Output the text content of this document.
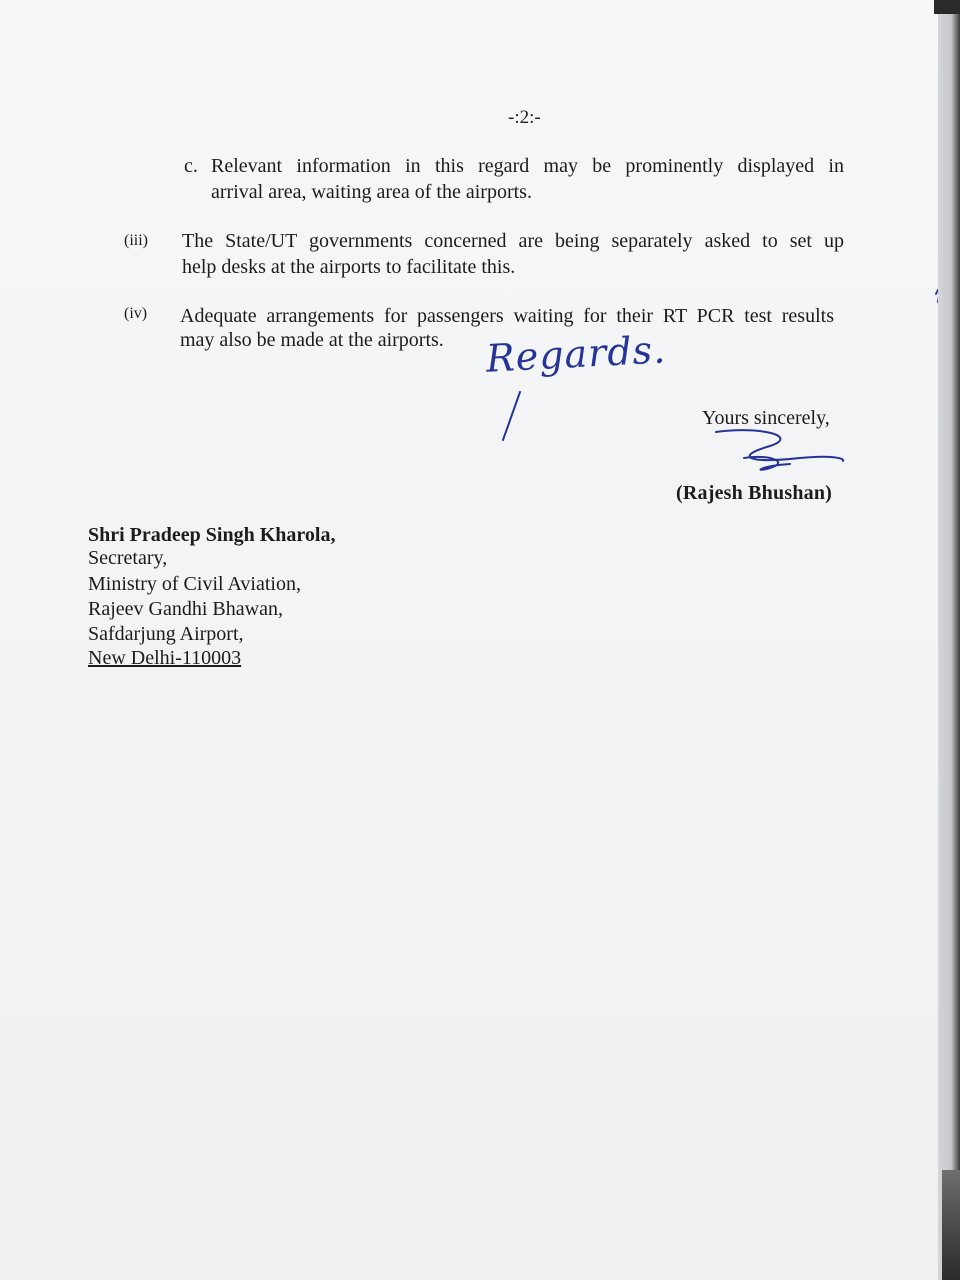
-:2:-
c. Relevant information in this regard may be prominently displayed in
arrival area, waiting area of the airports.
(iii) The State/UT governments concerned are being separately asked to set up
help desks at the airports to facilitate this.
(iv) Adequate arrangements for passengers waiting for their RT PCR test results
may also be made at the airports. Regards.
Yours sincerely,
(Rajesh Bhushan)
Shri Pradeep Singh Kharola,
Secretary,
Ministry of Civil Aviation,
Rajeev Gandhi Bhawan,
Safdarjung Airport,
New Delhi-110003
